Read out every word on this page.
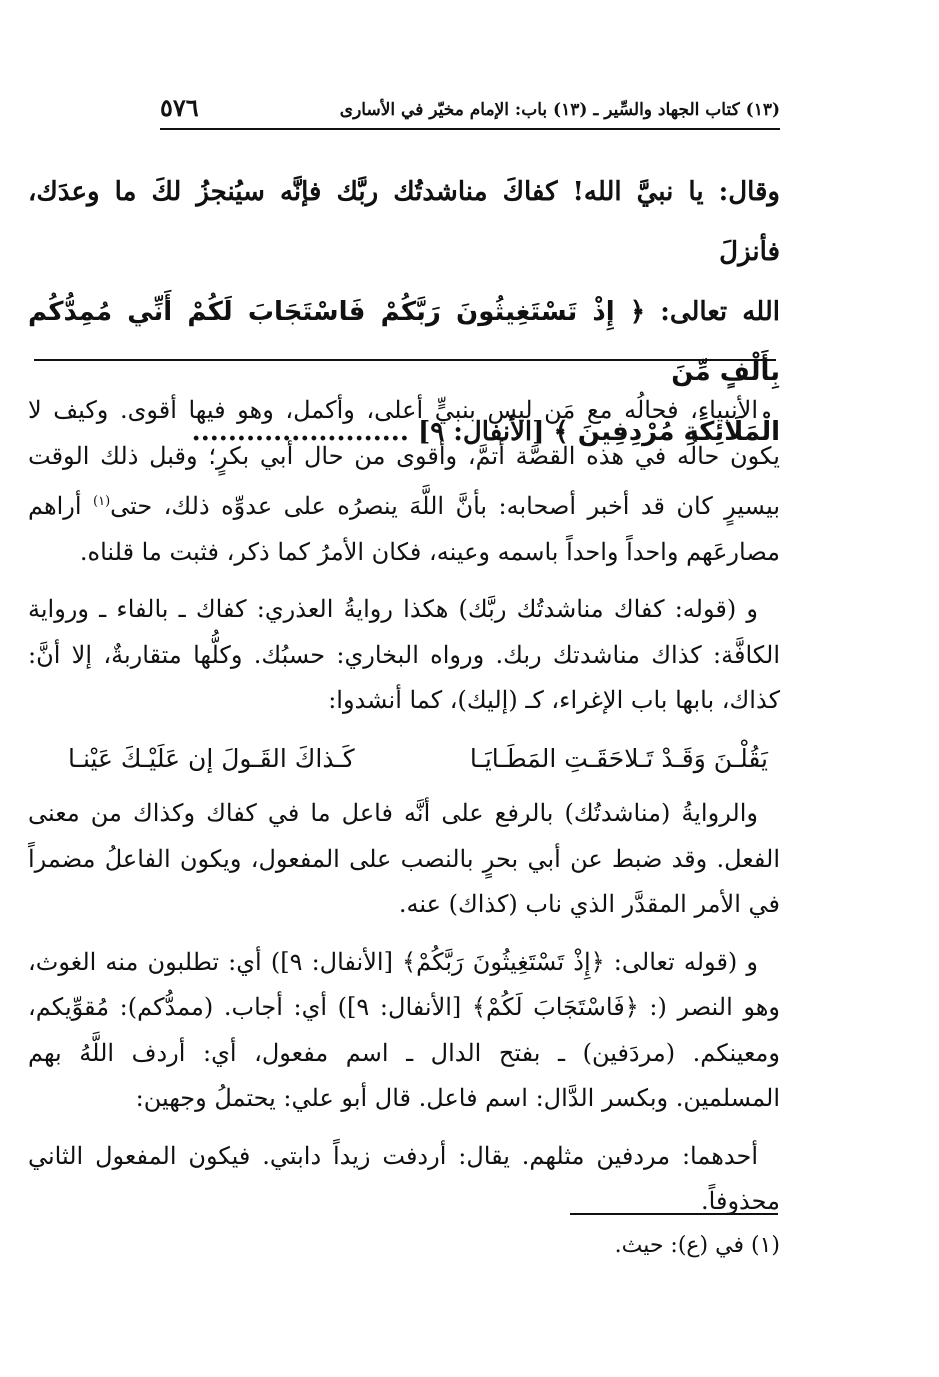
(١٣) كتاب الجهاد والسِّير ـ (١٣) باب: الإمام مخيّر في الأسارى
٥٧٦

وقال: يا نبيَّ الله! كفاكَ مناشدتُك ربَّك فإنَّه سيُنجزُ لكَ ما وعدَك، فأنزلَ

الله تعالى: ﴿ إِذْ تَسْتَغِيثُونَ رَبَّكُمْ فَاسْتَجَابَ لَكُمْ أَنِّي مُمِدُّكُم بِأَلْفٍ مِّنَ

الْمَلَائِكَةِ مُرْدِفِينَ ﴾ [الأنفال: ٩] ........................

الأنبياء، فحالُه مع مَن ليس بنبيٍّ أعلى، وأكمل، وهو فيها أقوى. وكيف لا يكون حالُه في هذه القصَّة أتمَّ، وأقوى من حال أبي بكرٍ؛ وقبل ذلك الوقت بيسيرٍ كان قد أخبر أصحابه: بأنَّ اللَّهَ ينصرُه على عدوِّه ذلك، حتى$^{(١)}$ أراهم مصارعَهم واحداً واحداً باسمه وعينه، فكان الأمرُ كما ذكر، فثبت ما قلناه.

و (قوله: كفاك مناشدتُك ربَّك) هكذا روايةُ العذري: كفاك ـ بالفاء ـ ورواية الكافَّة: كذاك مناشدتك ربك. ورواه البخاري: حسبُك. وكلُّها متقاربةٌ، إلا أنَّ: كذاك، بابها باب الإغراء، كـ (إليك)، كما أنشدوا:

يَقُلْـنَ وَقَـدْ تَـلاحَقَـتِ المَطَـايَـا
كَـذاكَ القَـولَ إن عَلَيْـكَ عَيْنـا

والروايةُ (مناشدتُك) بالرفع على أنَّه فاعل ما في كفاك وكذاك من معنى الفعل. وقد ضبط عن أبي بحرٍ بالنصب على المفعول، ويكون الفاعلُ مضمراً في الأمر المقدَّر الذي ناب (كذاك) عنه.

و (قوله تعالى: ﴿إِذْ تَسْتَغِيثُونَ رَبَّكُمْ﴾ [الأنفال: ٩]) أي: تطلبون منه الغوث، وهو النصر (: ﴿فَاسْتَجَابَ لَكُمْ﴾ [الأنفال: ٩]) أي: أجاب. (ممدُّكم): مُقوِّيكم، ومعينكم. (مردَفين) ـ بفتح الدال ـ اسم مفعول، أي: أردف اللَّهُ بهم المسلمين. وبكسر الدَّال: اسم فاعل. قال أبو علي: يحتملُ وجهين:

أحدهما: مردفين مثلهم. يقال: أردفت زيداً دابتي. فيكون المفعول الثاني محذوفاً.

(١) في (ع): حيث.
